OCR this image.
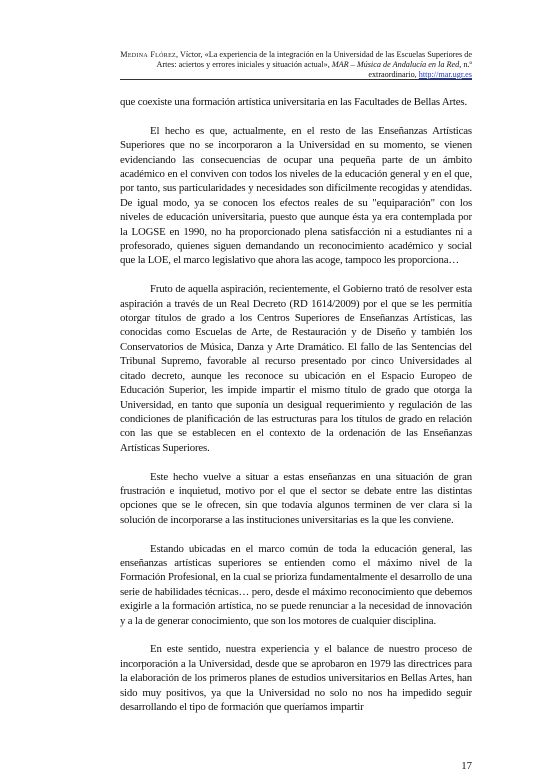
Medina Flórez, Víctor, «La experiencia de la integración en la Universidad de las Escuelas Superiores de Artes: aciertos y errores iniciales y situación actual», MAR – Música de Andalucía en la Red, n.º extraordinario, http://mar.ugr.es

que coexiste una formación artística universitaria en las Facultades de Bellas Artes.

El hecho es que, actualmente, en el resto de las Enseñanzas Artísticas Superiores que no se incorporaron a la Universidad en su momento, se vienen evidenciando las consecuencias de ocupar una pequeña parte de un ámbito académico en el conviven con todos los niveles de la educación general y en el que, por tanto, sus particularidades y necesidades son difícilmente recogidas y atendidas. De igual modo, ya se conocen los efectos reales de su "equiparación" con los niveles de educación universitaria, puesto que aunque ésta ya era contemplada por la LOGSE en 1990, no ha proporcionado plena satisfacción ni a estudiantes ni a profesorado, quienes siguen demandando un reconocimiento académico y social que la LOE, el marco legislativo que ahora las acoge, tampoco les proporciona…

Fruto de aquella aspiración, recientemente, el Gobierno trató de resolver esta aspiración a través de un Real Decreto (RD 1614/2009) por el que se les permitía otorgar títulos de grado a los Centros Superiores de Enseñanzas Artísticas, las conocidas como Escuelas de Arte, de Restauración y de Diseño y también los Conservatorios de Música, Danza y Arte Dramático. El fallo de las Sentencias del Tribunal Supremo, favorable al recurso presentado por cinco Universidades al citado decreto, aunque les reconoce su ubicación en el Espacio Europeo de Educación Superior, les impide impartir el mismo título de grado que otorga la Universidad, en tanto que suponía un desigual requerimiento y regulación de las condiciones de planificación de las estructuras para los títulos de grado en relación con las que se establecen en el contexto de la ordenación de las Enseñanzas Artísticas Superiores.

Este hecho vuelve a situar a estas enseñanzas en una situación de gran frustración e inquietud, motivo por el que el sector se debate entre las distintas opciones que se le ofrecen, sin que todavía algunos terminen de ver clara si la solución de incorporarse a las instituciones universitarias es la que les conviene.

Estando ubicadas en el marco común de toda la educación general, las enseñanzas artísticas superiores se entienden como el máximo nivel de la Formación Profesional, en la cual se prioriza fundamentalmente el desarrollo de una serie de habilidades técnicas… pero, desde el máximo reconocimiento que debemos exigirle a la formación artística, no se puede renunciar a la necesidad de innovación y a la de generar conocimiento, que son los motores de cualquier disciplina.

En este sentido, nuestra experiencia y el balance de nuestro proceso de incorporación a la Universidad, desde que se aprobaron en 1979 las directrices para la elaboración de los primeros planes de estudios universitarios en Bellas Artes, han sido muy positivos, ya que la Universidad no solo no nos ha impedido seguir desarrollando el tipo de formación que queríamos impartir

17
